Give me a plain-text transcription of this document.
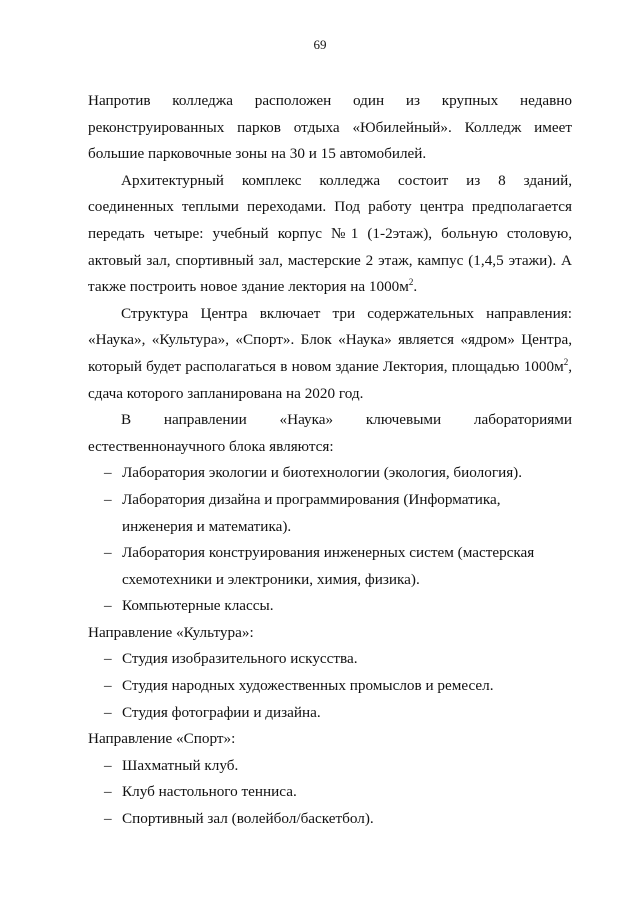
69

Напротив колледжа расположен один из крупных недавно реконструированных парков отдыха «Юбилейный». Колледж имеет большие парковочные зоны на 30 и 15 автомобилей.

Архитектурный комплекс колледжа состоит из 8 зданий, соединенных теплыми переходами. Под работу центра предполагается передать четыре: учебный корпус №1 (1-2этаж), больную столовую, актовый зал, спортивный зал, мастерские 2 этаж, кампус (1,4,5 этажи). А также построить новое здание лектория на $1000м^2$.

Структура Центра включает три содержательных направления: «Наука», «Культура», «Спорт». Блок «Наука» является «ядром» Центра, который будет располагаться в новом здание Лектория, площадью $1000м^2$, сдача которого запланирована на 2020 год.

В направлении «Наука» ключевыми лабораториями естественнонаучного блока являются:

– Лаборатория экологии и биотехнологии (экология, биология).
– Лаборатория дизайна и программирования (Информатика, инженерия и математика).
– Лаборатория конструирования инженерных систем (мастерская схемотехники и электроники, химия, физика).
– Компьютерные классы.
Направление «Культура»:
– Студия изобразительного искусства.
– Студия народных художественных промыслов и ремесел.
– Студия фотографии и дизайна.
Направление «Спорт»:
– Шахматный клуб.
– Клуб настольного тенниса.
– Спортивный зал (волейбол/баскетбол).
